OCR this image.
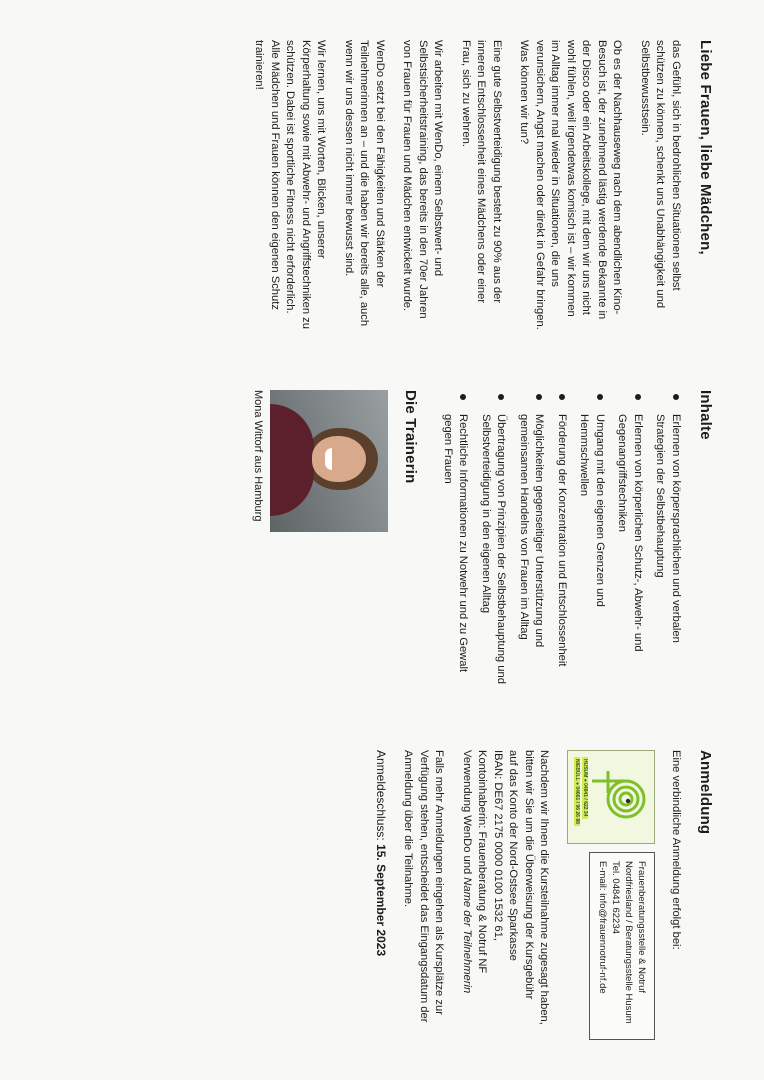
Liebe Frauen, liebe Mädchen,

das Gefühl, sich in bedrohlichen Situationen selbst schützen zu können, schenkt uns Unabhängigkeit und Selbstbewusstsein.

Ob es der Nachhauseweg nach dem abendlichen Kino-Besuch ist, der zunehmend lästig werdende Bekannte in der Disco oder ein Arbeitskollege, mit dem wir uns nicht wohl fühlen, weil irgendetwas komisch ist – wir kommen im Alltag immer mal wieder in Situationen, die uns verunsichern, Angst machen oder direkt in Gefahr bringen. Was können wir tun?

Eine gute Selbstverteidigung besteht zu 90% aus der inneren Entschlossenheit eines Mädchens oder einer Frau, sich zu wehren.

Wir arbeiten mit WenDo, einem Selbstwert- und Selbstsicherheitstraining, das bereits in den 70er Jahren von Frauen für Frauen und Mädchen entwickelt wurde.

WenDo setzt bei den Fähigkeiten und Stärken der Teilnehmerinnen an – und die haben wir bereits alle, auch wenn wir uns dessen nicht immer bewusst sind.

Wir lernen, uns mit Worten, Blicken, unserer Körperhaltung sowie mit Abwehr- und Angriffstechniken zu schützen. Dabei ist sportliche Fitness nicht erforderlich. Alle Mädchen und Frauen können den eigenen Schutz trainieren!

Inhalte
Erlernen von körpersprachlichen und verbalen Strategien der Selbstbehauptung
Erlernen von körperlichen Schutz-, Abwehr- und Gegenangriffstechniken
Umgang mit den eigenen Grenzen und Hemmschwellen
Förderung der Konzentration und Entschlossenheit
Möglichkeiten gegenseitiger Unterstützung und gemeinsamen Handelns von Frauen im Alltag
Übertragung von Prinzipien der Selbstbehauptung und Selbstverteidigung in den eigenen Alltag
Rechtliche Informationen zu Notwehr und zu Gewalt gegen Frauen
Die Trainerin
Mona Wittorf aus Hamburg
Anmeldung

Eine verbindliche Anmeldung erfolgt bei:

HUSUM ● 04841 / 622 34
NIEBÜLL ● 04661 / 96 26 88
Frauenberatungsstelle & Notruf
Nordfriesland / Beratungsstelle Husum
Tel. 04841 62234
E-mail: info@frauennotruf-nf.de

Nachdem wir Ihnen die Kursteilnahme zugesagt haben, bitten wir Sie um die Überweisung der Kursgebühr
auf das Konto der Nord-Ostsee Sparkasse
IBAN: DE67 2175 0000 0100 1532 61,
Kontoinhaberin: Frauenberatung & Notruf NF
Verwendung WenDo und Name der Teilnehmerin

Falls mehr Anmeldungen eingehen als Kursplätze zur Verfügung stehen, entscheidet das Eingangsdatum der Anmeldung über die Teilnahme.

Anmeldeschluss: 15. September 2023
